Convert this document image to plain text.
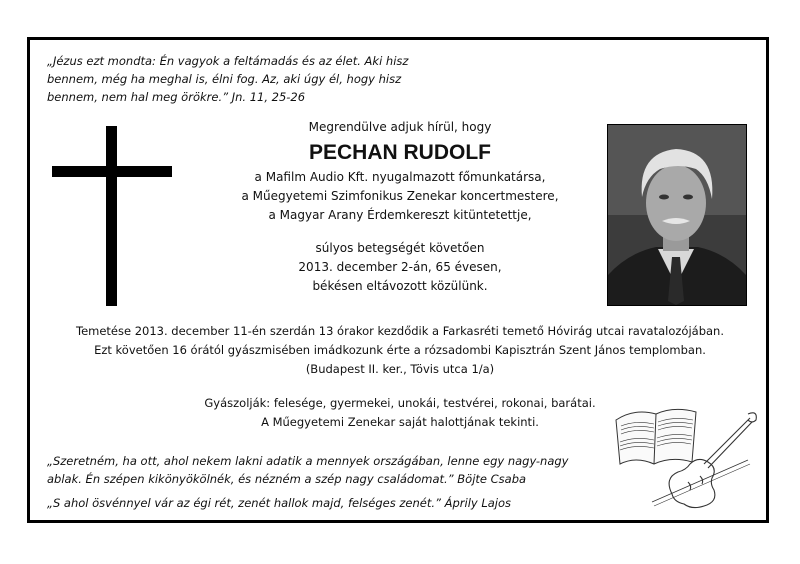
„Jézus ezt mondta: Én vagyok a feltámadás és az élet. Aki hisz

bennem, még ha meghal is, élni fog. Az, aki úgy él, hogy hisz

bennem, nem hal meg örökre.” Jn. 11, 25-26

Megrendülve adjuk hírül, hogy

PECHAN RUDOLF

a Mafilm Audio Kft. nyugalmazott főmunkatársa,

a Műegyetemi Szimfonikus Zenekar koncertmestere,

a Magyar Arany Érdemkereszt kitüntetettje,

súlyos betegségét követően

2013. december 2-án, 65 évesen,

békésen eltávozott közülünk.

Temetése 2013. december 11-én szerdán 13 órakor kezdődik a Farkasréti temető Hóvirág utcai ravatalozójában.

Ezt követően 16 órától gyászmisében imádkozunk érte a rózsadombi Kapisztrán Szent János templomban.

(Budapest II. ker., Tövis utca 1/a)

Gyászolják: felesége, gyermekei, unokái, testvérei, rokonai, barátai.

A Műegyetemi Zenekar saját halottjának tekinti.

„Szeretném, ha ott, ahol nekem lakni adatik a mennyek országában, lenne egy nagy-nagy
ablak. Én szépen kikönyökölnék, és nézném a szép nagy családomat.” Böjte Csaba

„S ahol ösvénnyel vár az égi rét, zenét hallok majd, felséges zenét.” Áprily Lajos
